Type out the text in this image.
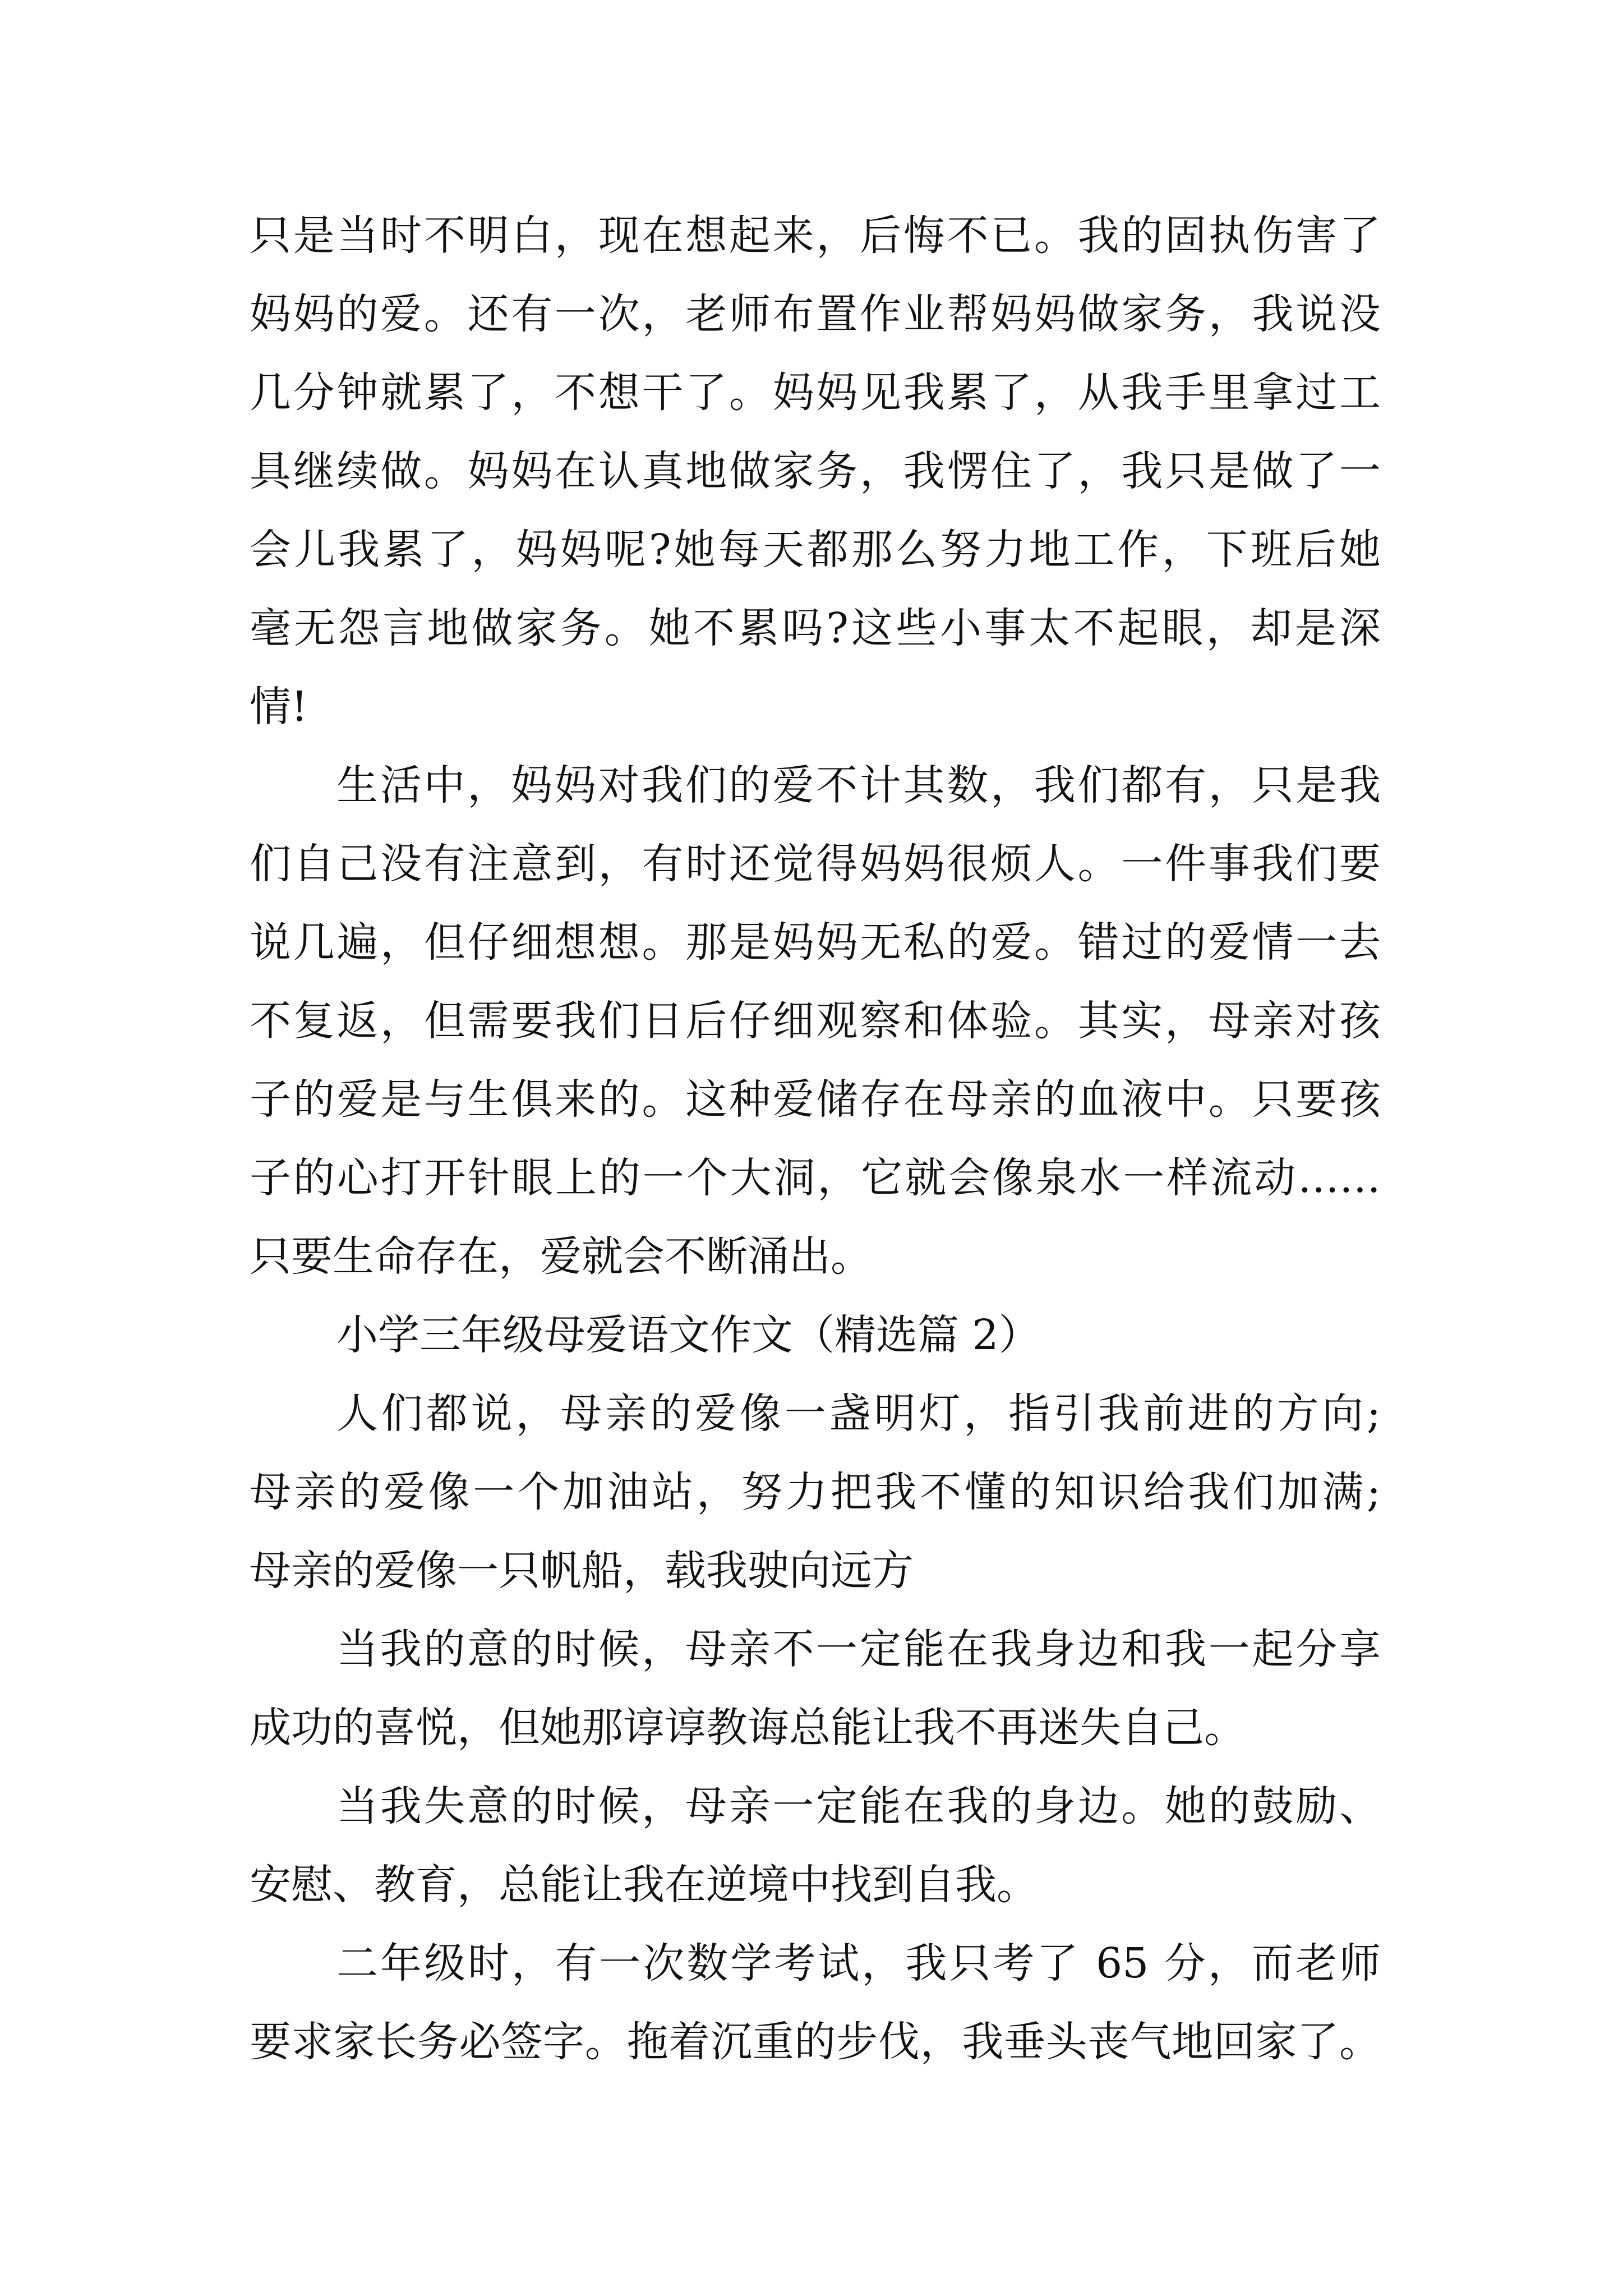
只是当时不明白，现在想起来，后悔不已。我的固执伤害了

妈妈的爱。还有一次，老师布置作业帮妈妈做家务，我说没

几分钟就累了，不想干了。妈妈见我累了，从我手里拿过工

具继续做。妈妈在认真地做家务，我愣住了，我只是做了一

会儿我累了，妈妈呢?她每天都那么努力地工作，下班后她

毫无怨言地做家务。她不累吗?这些小事太不起眼，却是深

情!

生活中，妈妈对我们的爱不计其数，我们都有，只是我

们自己没有注意到，有时还觉得妈妈很烦人。一件事我们要

说几遍，但仔细想想。那是妈妈无私的爱。错过的爱情一去

不复返，但需要我们日后仔细观察和体验。其实，母亲对孩

子的爱是与生俱来的。这种爱储存在母亲的血液中。只要孩

子的心打开针眼上的一个大洞，它就会像泉水一样流动……

只要生命存在，爱就会不断涌出。

小学三年级母爱语文作文（精选篇 2）

人们都说，母亲的爱像一盏明灯，指引我前进的方向;

母亲的爱像一个加油站，努力把我不懂的知识给我们加满;

母亲的爱像一只帆船，载我驶向远方

当我的意的时候，母亲不一定能在我身边和我一起分享

成功的喜悦，但她那谆谆教诲总能让我不再迷失自己。

当我失意的时候，母亲一定能在我的身边。她的鼓励、

安慰、教育，总能让我在逆境中找到自我。

二年级时，有一次数学考试，我只考了 65 分，而老师

要求家长务必签字。拖着沉重的步伐，我垂头丧气地回家了。
